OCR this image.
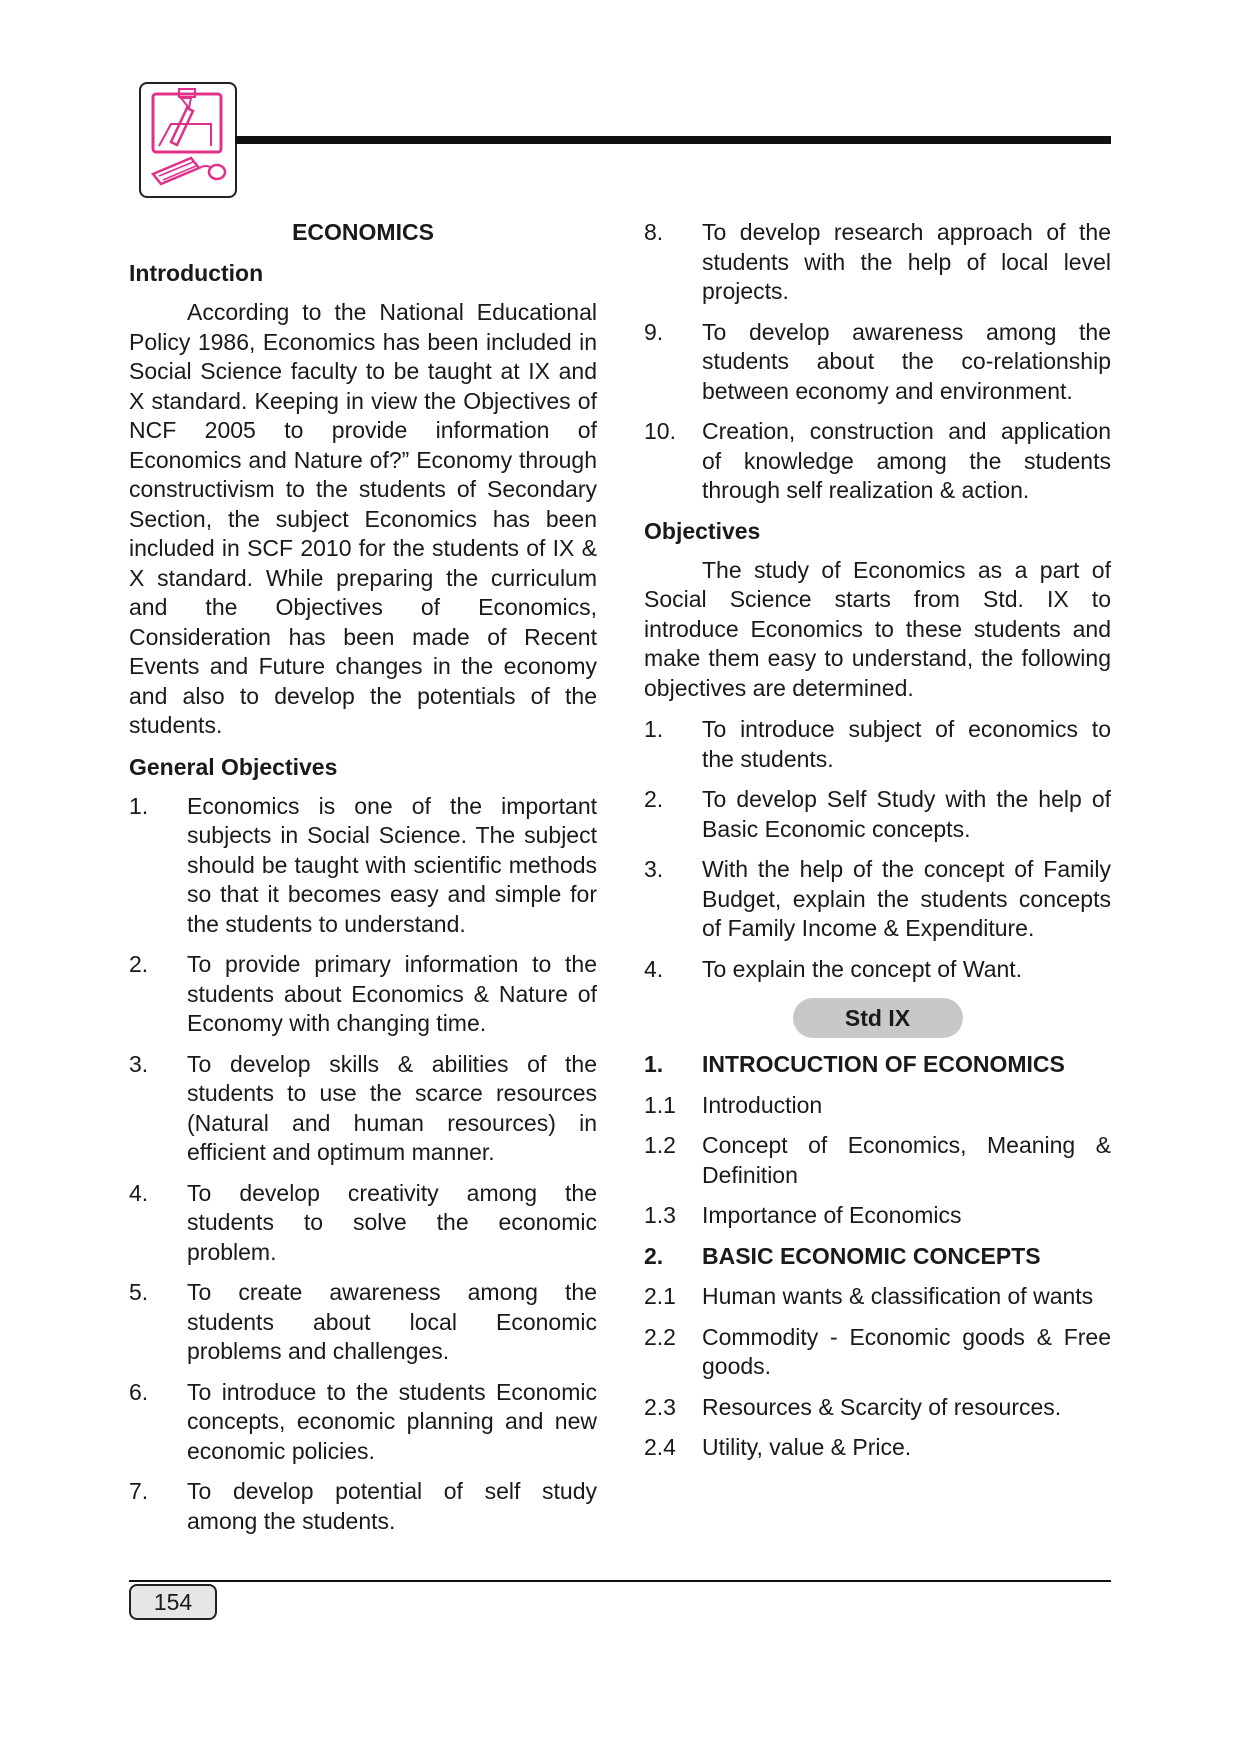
ECONOMICS
Introduction

According to the National Educational Policy 1986, Economics has been included in Social Science faculty to be taught at IX and X standard. Keeping in view the Objectives of NCF 2005 to provide information of Economics and Nature of?” Economy through constructivism to the students of Secondary Section, the subject Economics has been included in SCF 2010 for the students of IX & X standard. While preparing the curriculum and the Objectives of Economics, Consideration has been made of Recent Events and Future changes in the economy and also to develop the potentials of the students.

General Objectives
1.	Economics is one of the important subjects in Social Science. The subject should be taught with scientific methods so that it becomes easy and simple for the students to understand.
2.	To provide primary information to the students about Economics & Nature of Economy with changing time.
3.	To develop skills & abilities of the students to use the scarce resources (Natural and human resources) in efficient and optimum manner.
4.	To develop creativity among the students to solve the economic problem.
5.	To create awareness among the students about local Economic problems and challenges.
6.	To introduce to the students Economic concepts, economic planning and new economic policies.
7.	To develop potential of self study among the students.
8.	To develop research approach of the students with the help of local level projects.
9.	To develop awareness among the students about the co-relationship between economy and environment.
10.	Creation, construction and application of knowledge among the students through self realization & action.
Objectives

The study of Economics as a part of Social Science starts from Std. IX to introduce Economics to these students and make them easy to understand, the following objectives are determined.

1.	To introduce subject of economics to the students.
2.	To develop Self Study with the help of Basic Economic concepts.
3.	With the help of the concept of Family Budget, explain the students concepts of Family Income & Expenditure.
4.	To explain the concept of Want.
Std IX
1.	INTROCUCTION OF ECONOMICS
1.1	Introduction
1.2	Concept of Economics, Meaning & Definition
1.3	Importance of Economics
2.	BASIC ECONOMIC CONCEPTS
2.1	Human wants & classification of wants
2.2	Commodity - Economic goods & Free goods.
2.3	Resources & Scarcity of resources.
2.4	Utility, value & Price.
154
